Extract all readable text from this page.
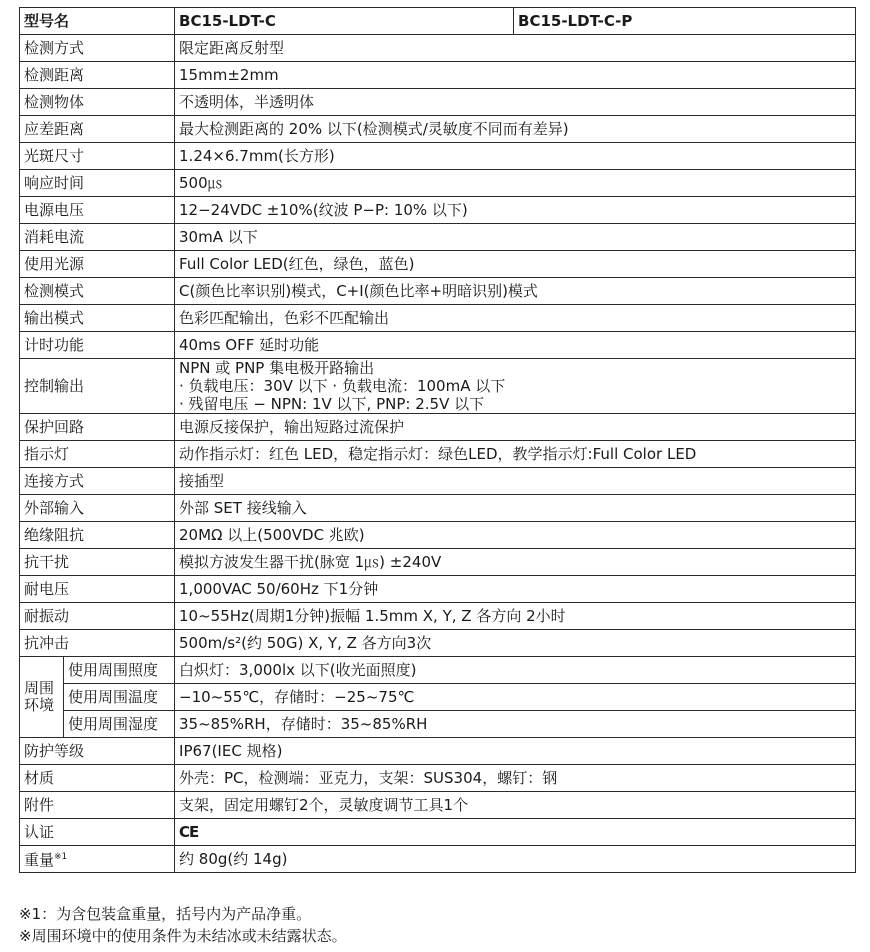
型号名		BC15-LDT-C	BC15-LDT-C-P
检测方式		限定距离反射型	
检测距离		15mm±2mm	
检测物体		不透明体，半透明体	
应差距离		最大检测距离的 20% 以下(检测模式/灵敏度不同而有差异)	
光斑尺寸		1.24×6.7mm(长方形)	
响应时间		500㎲	
电源电压		12−24VDC ±10%(纹波 P−P: 10% 以下)	
消耗电流		30mA 以下	
使用光源		Full Color LED(红色，绿色，蓝色)	
检测模式		C(颜色比率识别)模式，C+I(颜色比率+明暗识别)模式	
输出模式		色彩匹配输出，色彩不匹配输出	
计时功能		40ms OFF 延时功能	
控制输出		NPN 或 PNP 集电极开路输出
· 负载电压：30V 以下 · 负载电流：100mA 以下
· 残留电压 − NPN: 1V 以下, PNP: 2.5V 以下	

保护回路		电源反接保护，输出短路过流保护	
指示灯		动作指示灯：红色 LED，稳定指示灯：绿色LED，教学指示灯:Full Color LED	
连接方式		接插型	
外部输入		外部 SET 接线输入	
绝缘阻抗		20MΩ 以上(500VDC 兆欧)	
抗干扰		模拟方波发生器干扰(脉宽 1㎲) ±240V	
耐电压		1,000VAC 50/60Hz 下1分钟	
耐振动		10~55Hz(周期1分钟)振幅 1.5mm X, Y, Z 各方向 2小时	
抗冲击		500m/s²(约 50G) X, Y, Z 各方向3次	

周围
环境	使用周围照度	白炽灯：3,000lx 以下(收光面照度)	
	使用周围温度	−10~55℃，存储时：−25~75℃	
	使用周围湿度	35~85%RH，存储时：35~85%RH	
防护等级		IP67(IEC 规格)	
材质		外壳：PC，检测端：亚克力，支架：SUS304，螺钉：钢	
附件		支架，固定用螺钉2个，灵敏度调节工具1个	
认证		CE	
重量$^{※1}$		约 80g(约 14g)	
※1：为含包装盒重量，括号内为产品净重。
※周围环境中的使用条件为未结冰或未结露状态。
